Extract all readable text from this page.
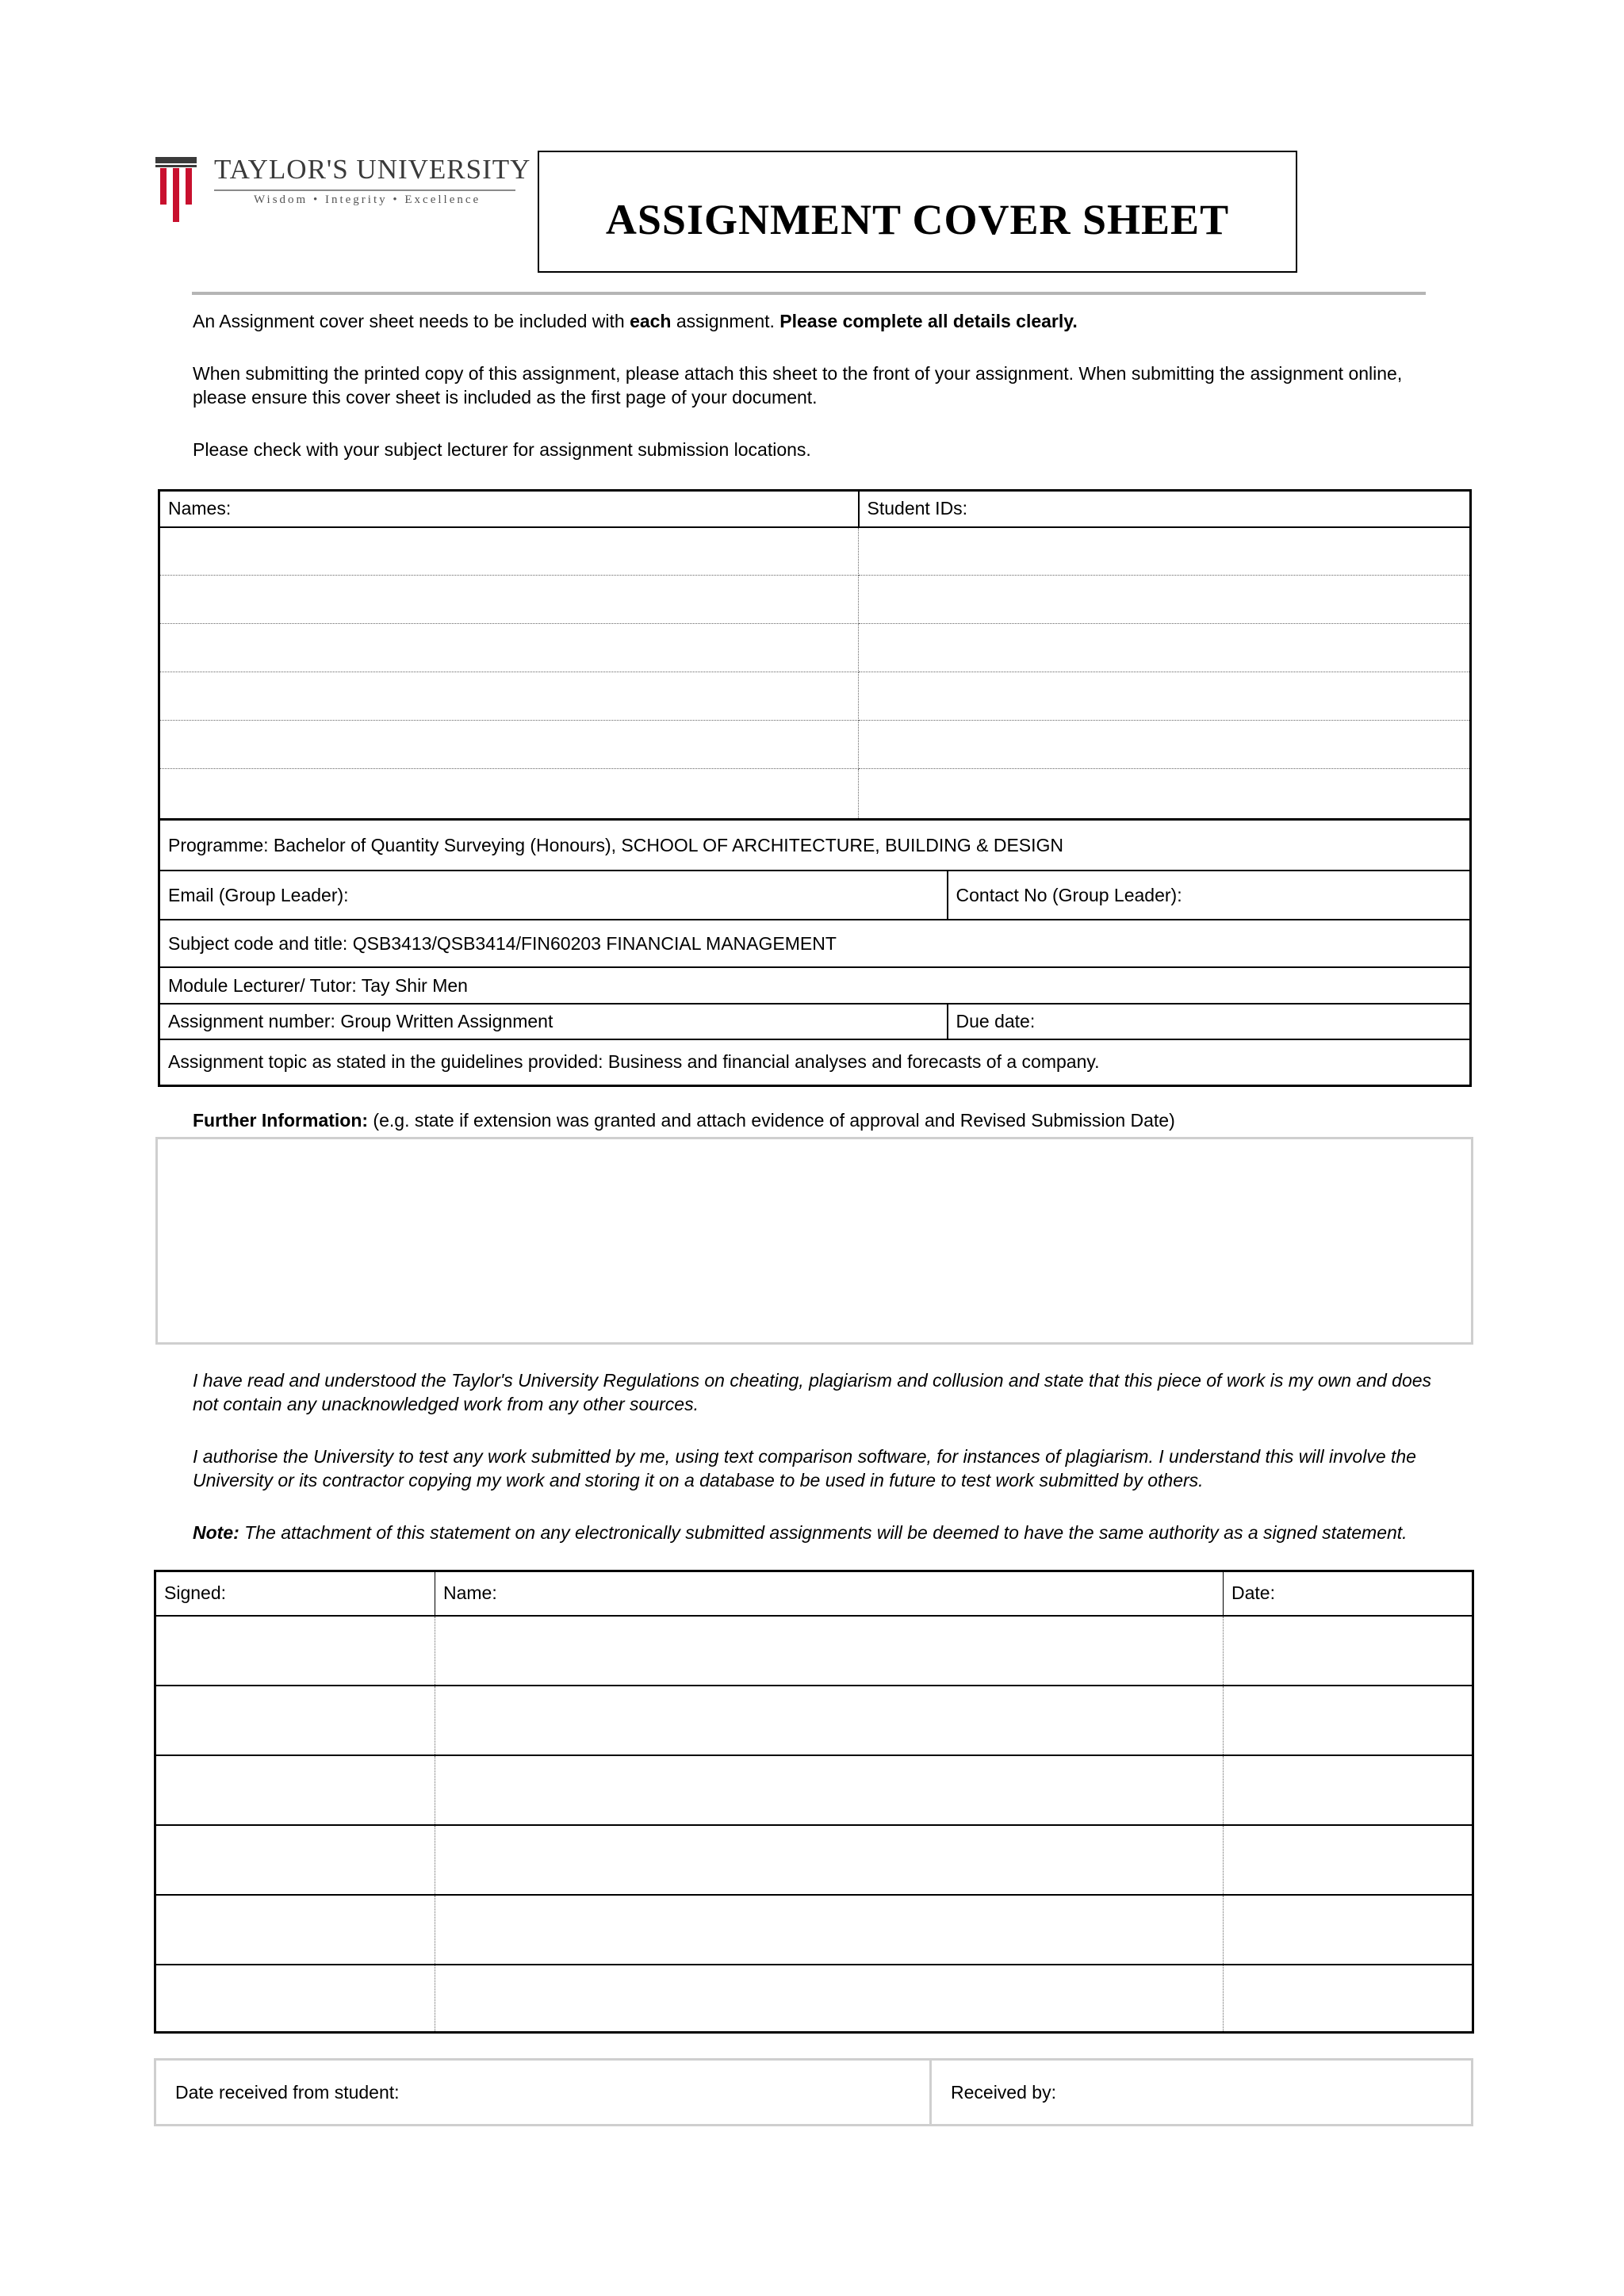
TAYLOR'S UNIVERSITY
Wisdom • Integrity • Excellence	ASSIGNMENT COVER SHEET
An Assignment cover sheet needs to be included with each assignment. Please complete all details clearly.
When submitting the printed copy of this assignment, please attach this sheet to the front of your assignment. When submitting the assignment online, please ensure this cover sheet is included as the first page of your document.
Please check with your subject lecturer for assignment submission locations.
Names:	Student IDs:

Programme: Bachelor of Quantity Surveying (Honours), SCHOOL OF ARCHITECTURE, BUILDING & DESIGN	
Email (Group Leader):	Contact No (Group Leader):
Subject code and title: QSB3413/QSB3414/FIN60203 FINANCIAL MANAGEMENT	
Module Lecturer/ Tutor: Tay Shir Men	
Assignment number: Group Written Assignment	Due date:
Assignment topic as stated in the guidelines provided: Business and financial analyses and forecasts of a company.	
Further Information: (e.g. state if extension was granted and attach evidence of approval and Revised Submission Date)
I have read and understood the Taylor's University Regulations on cheating, plagiarism and collusion and state that this piece of work is my own and does not contain any unacknowledged work from any other sources.
I authorise the University to test any work submitted by me, using text comparison software, for instances of plagiarism. I understand this will involve the University or its contractor copying my work and storing it on a database to be used in future to test work submitted by others.
Note: The attachment of this statement on any electronically submitted assignments will be deemed to have the same authority as a signed statement.
Signed:	Name:	Date:

Date received from student:	Received by:
